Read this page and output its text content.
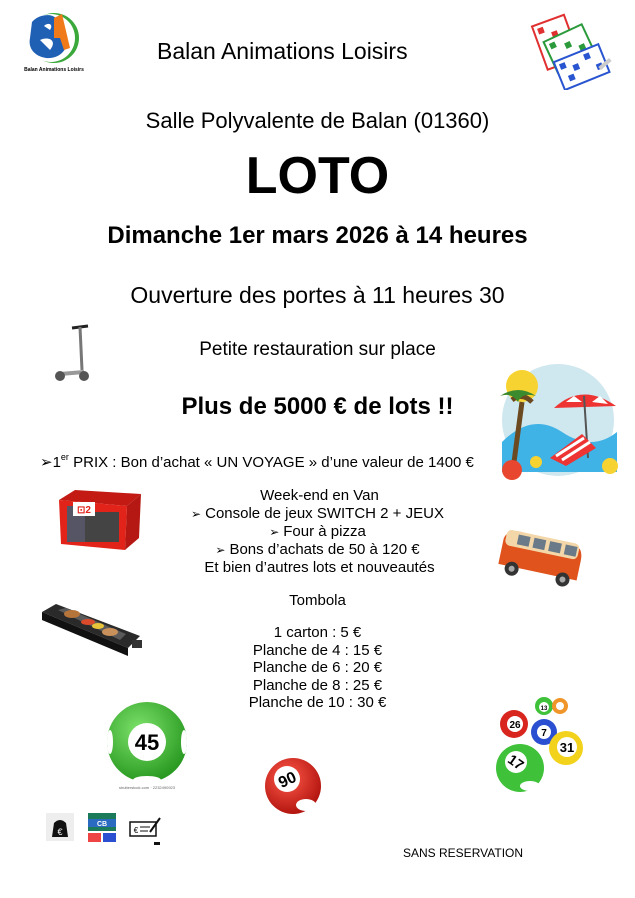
Balan Animations Loisirs
Balan Animations Loisirs
Salle Polyvalente de Balan (01360)
LOTO
Dimanche 1er mars 2026 à 14 heures
Ouverture des portes à 11 heures 30
Petite restauration sur place
Plus de 5000 € de lots !!
➢1er PRIX : Bon d’achat « UN VOYAGE » d’une valeur de 1400 €
⊡2
Week-end en Van
➢ Console de jeux SWITCH 2 + JEUX
➢ Four à pizza
➢ Bons d’achats de 50 à 120 €
Et bien d’autres lots et nouveautés
Tombola
1 carton : 5 €
Planche de 4 : 15 €
Planche de 6 : 20 €
Planche de 8 : 25 €
Planche de 10 : 30 €
45
shutterstock.com · 2232490923	90
13
26
7
31
17
€
CB
€
SANS RESERVATION
